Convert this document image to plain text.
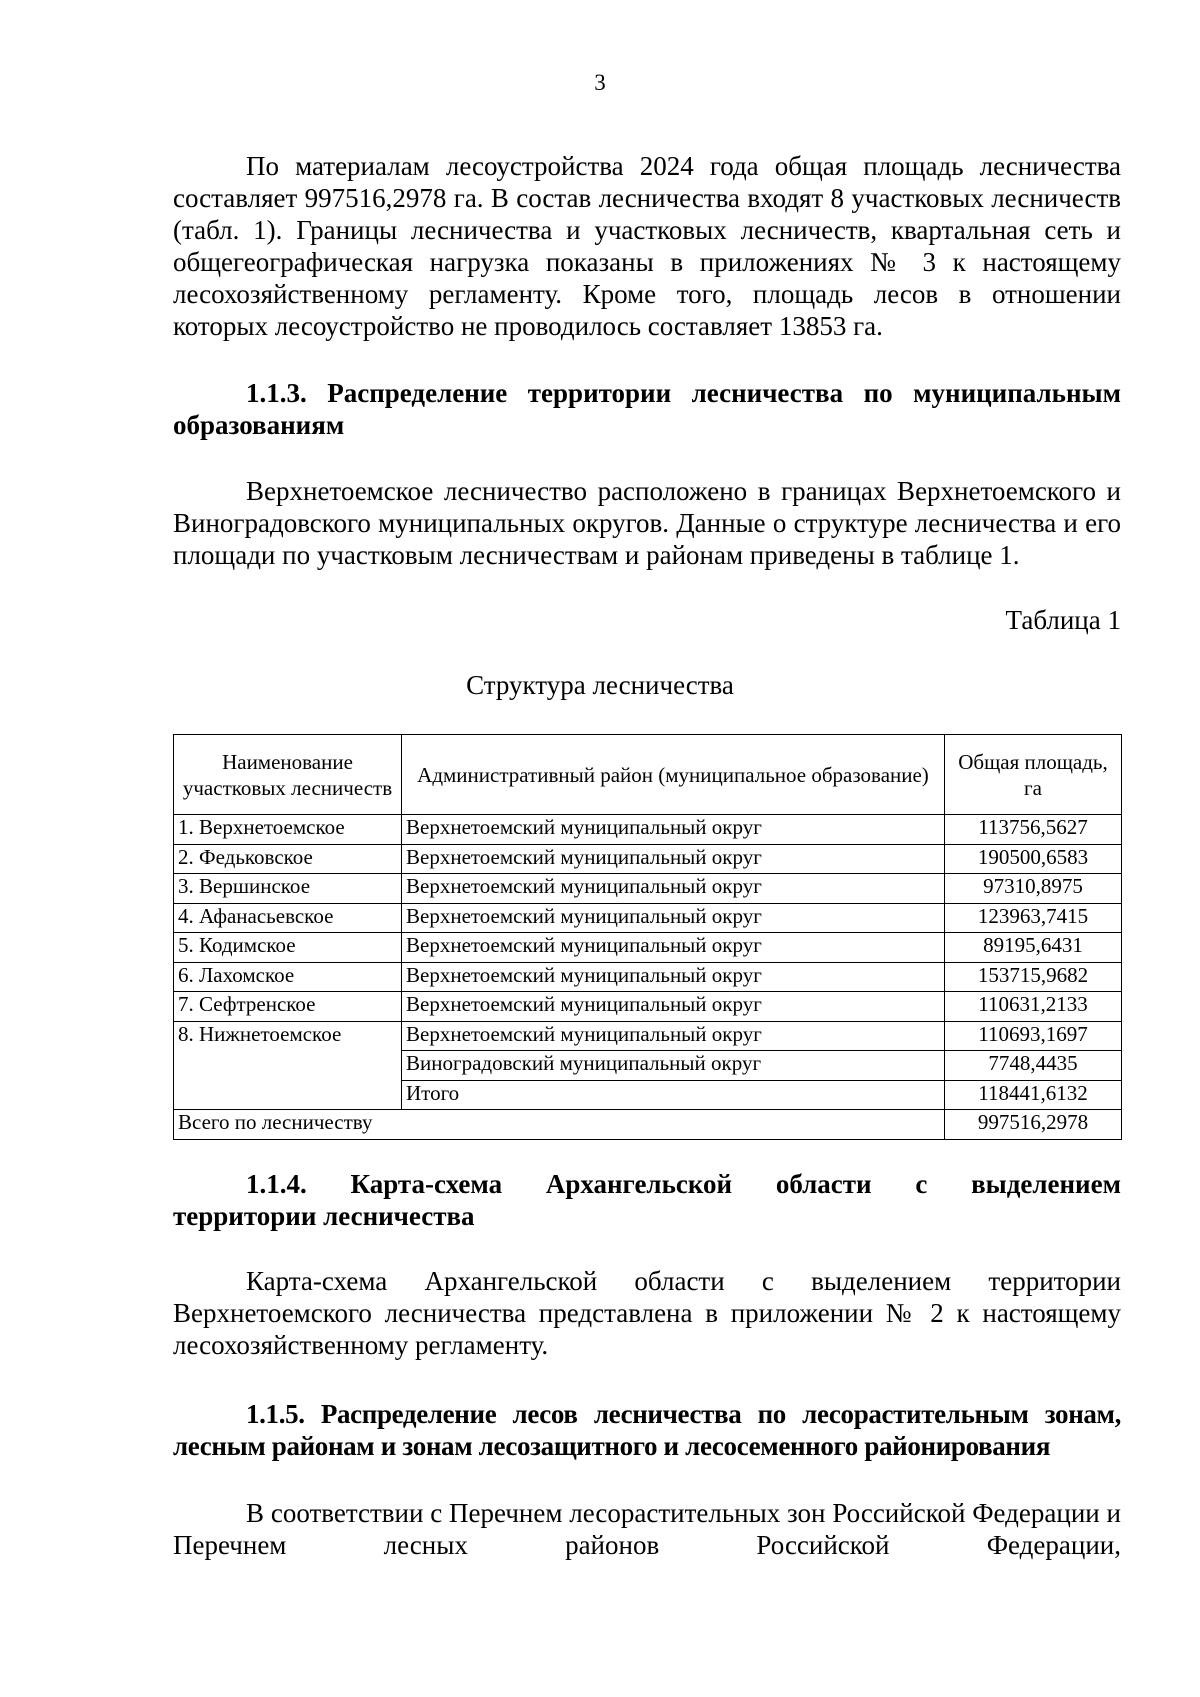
3

По материалам лесоустройства 2024 года общая площадь лесничества составляет 997516,2978 га. В состав лесничества входят 8 участковых лесничеств (табл. 1). Границы лесничества и участковых лесничеств, квартальная сеть и общегеографическая нагрузка показаны в приложениях № 3 к настоящему лесохозяйственному регламенту. Кроме того, площадь лесов в отношении которых лесоустройство не проводилось составляет 13853 га.

1.1.3. Распределение территории лесничества по муниципальным образованиям

Верхнетоемское лесничество расположено в границах Верхнетоемского и Виноградовского муниципальных округов. Данные о структуре лесничества и его площади по участковым лесничествам и районам приведены в таблице 1.

Таблица 1
Структура лесничества
Наименование участковых лесничеств	Административный район (муниципальное образование)	Общая площадь, га
1. Верхнетоемское	Верхнетоемский муниципальный округ	113756,5627
2. Федьковское	Верхнетоемский муниципальный округ	190500,6583
3. Вершинское	Верхнетоемский муниципальный округ	97310,8975
4. Афанасьевское	Верхнетоемский муниципальный округ	123963,7415
5. Кодимское	Верхнетоемский муниципальный округ	89195,6431
6. Лахомское	Верхнетоемский муниципальный округ	153715,9682
7. Сефтренское	Верхнетоемский муниципальный округ	110631,2133
8. Нижнетоемское	Верхнетоемский муниципальный округ	110693,1697
	Виноградовский муниципальный округ	7748,4435
	Итого	118441,6132
Всего по лесничеству		997516,2978
1.1.4. Карта-схема Архангельской области с выделением
территории лесничества

Карта-схема Архангельской области с выделением территории Верхнетоемского лесничества представлена в приложении № 2 к настоящему лесохозяйственному регламенту.

1.1.5. Распределение лесов лесничества по лесорастительным зонам, лесным районам и зонам лесозащитного и лесосеменного районирования

В соответствии с Перечнем лесорастительных зон Российской Федерации и Перечнем лесных районов Российской Федерации,
